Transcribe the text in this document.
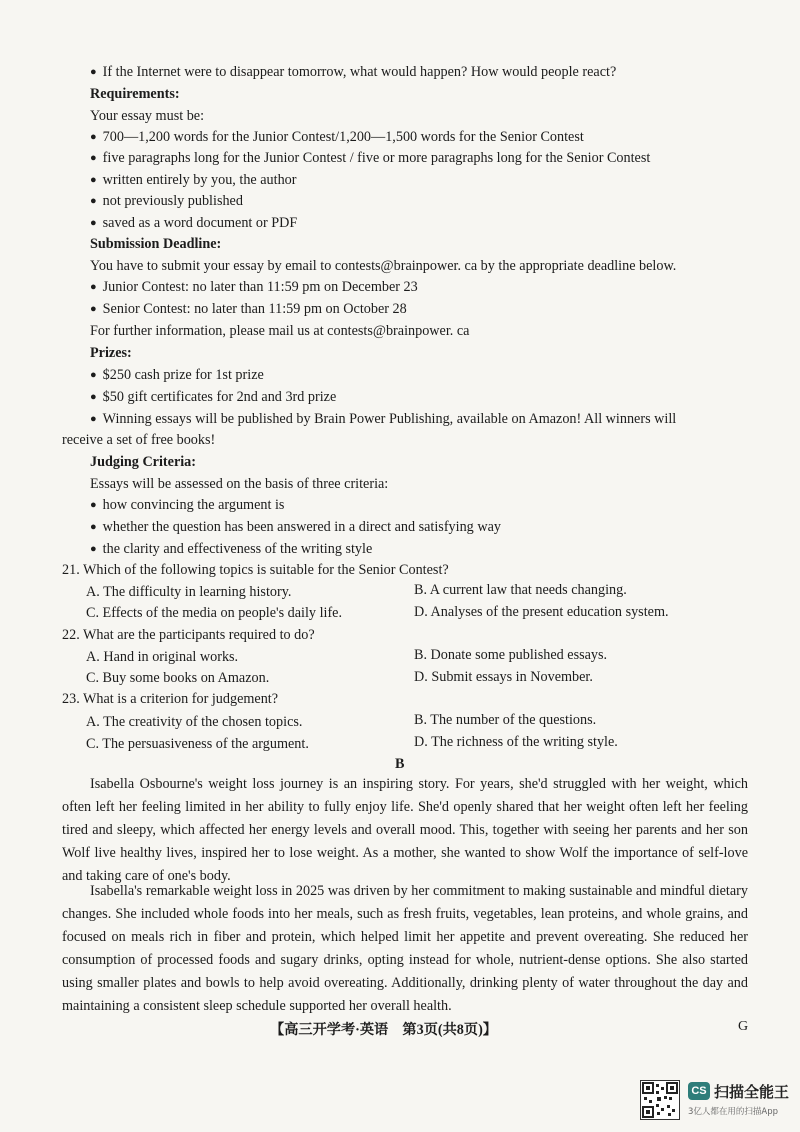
● If the Internet were to disappear tomorrow, what would happen? How would people react?
Requirements:
Your essay must be:
● 700—1,200 words for the Junior Contest/1,200—1,500 words for the Senior Contest
● five paragraphs long for the Junior Contest / five or more paragraphs long for the Senior Contest
● written entirely by you, the author
● not previously published
● saved as a word document or PDF
Submission Deadline:
You have to submit your essay by email to contests@brainpower. ca by the appropriate deadline below.
● Junior Contest: no later than 11:59 pm on December 23
● Senior Contest: no later than 11:59 pm on October 28
For further information, please mail us at contests@brainpower. ca
Prizes:
● $250 cash prize for 1st prize
● $50 gift certificates for 2nd and 3rd prize
● Winning essays will be published by Brain Power Publishing, available on Amazon! All winners will
receive a set of free books!
Judging Criteria:
Essays will be assessed on the basis of three criteria:
● how convincing the argument is
● whether the question has been answered in a direct and satisfying way
● the clarity and effectiveness of the writing style
21. Which of the following topics is suitable for the Senior Contest?
A. The difficulty in learning history.	B. A current law that needs changing.
C. Effects of the media on people's daily life.	D. Analyses of the present education system.
22. What are the participants required to do?
A. Hand in original works.	B. Donate some published essays.
C. Buy some books on Amazon.	D. Submit essays in November.
23. What is a criterion for judgement?
A. The creativity of the chosen topics.	B. The number of the questions.
C. The persuasiveness of the argument.	D. The richness of the writing style.
B

Isabella Osbourne's weight loss journey is an inspiring story. For years, she'd struggled with her weight, which often left her feeling limited in her ability to fully enjoy life. She'd openly shared that her weight often left her feeling tired and sleepy, which affected her energy levels and overall mood. This, together with seeing her parents and her son Wolf live healthy lives, inspired her to lose weight. As a mother, she wanted to show Wolf the importance of self-love and taking care of one's body.

Isabella's remarkable weight loss in 2025 was driven by her commitment to making sustainable and mindful dietary changes. She included whole foods into her meals, such as fresh fruits, vegetables, lean proteins, and whole grains, and focused on meals rich in fiber and protein, which helped limit her appetite and prevent overeating. She reduced her consumption of processed foods and sugary drinks, opting instead for whole, nutrient-dense options. She also started using smaller plates and bowls to help avoid overeating. Additionally, drinking plenty of water throughout the day and maintaining a consistent sleep schedule supported her overall health.

【高三开学考·英语　第3页(共8页)】	G
CS 扫描全能王
3亿人都在用的扫描App
